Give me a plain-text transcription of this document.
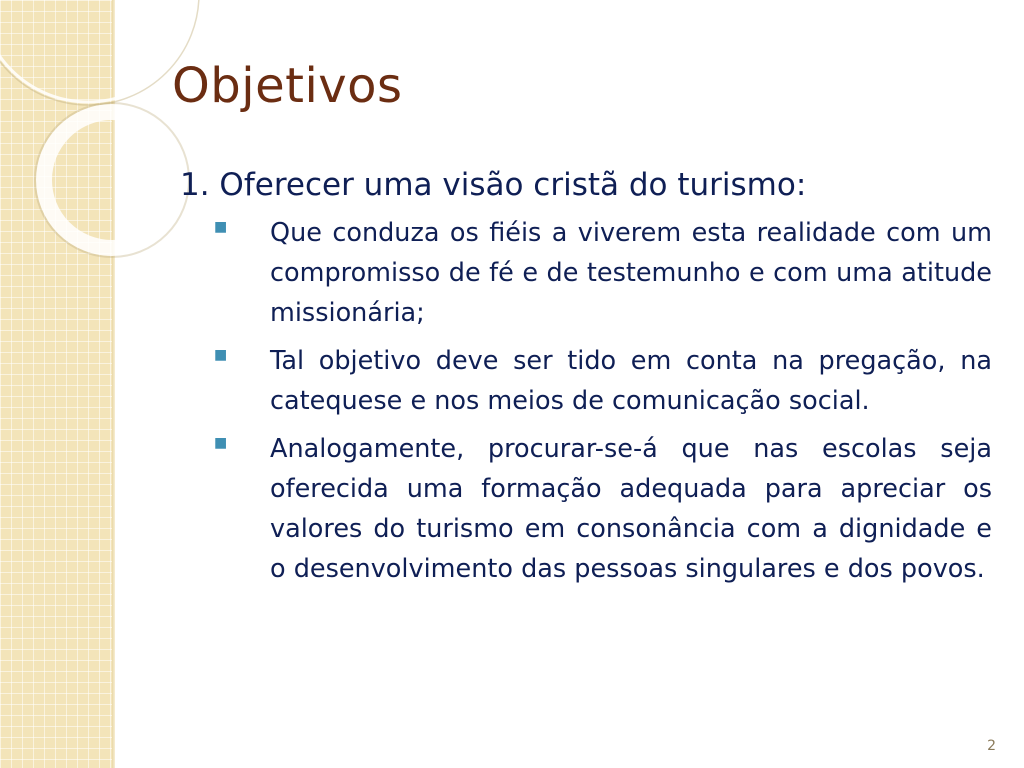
Objetivos
1. Oferecer uma visão cristã do turismo:
■ Que conduza os fiéis a viverem esta realidade com um compromisso de fé e de testemunho e com uma atitude missionária;
■ Tal objetivo deve ser tido em conta na pregação, na catequese e nos meios de comunicação social.
■ Analogamente, procurar-se-á que nas escolas seja oferecida uma formação adequada para apreciar os valores do turismo em consonância com a dignidade e o desenvolvimento das pessoas singulares e dos povos.
2
